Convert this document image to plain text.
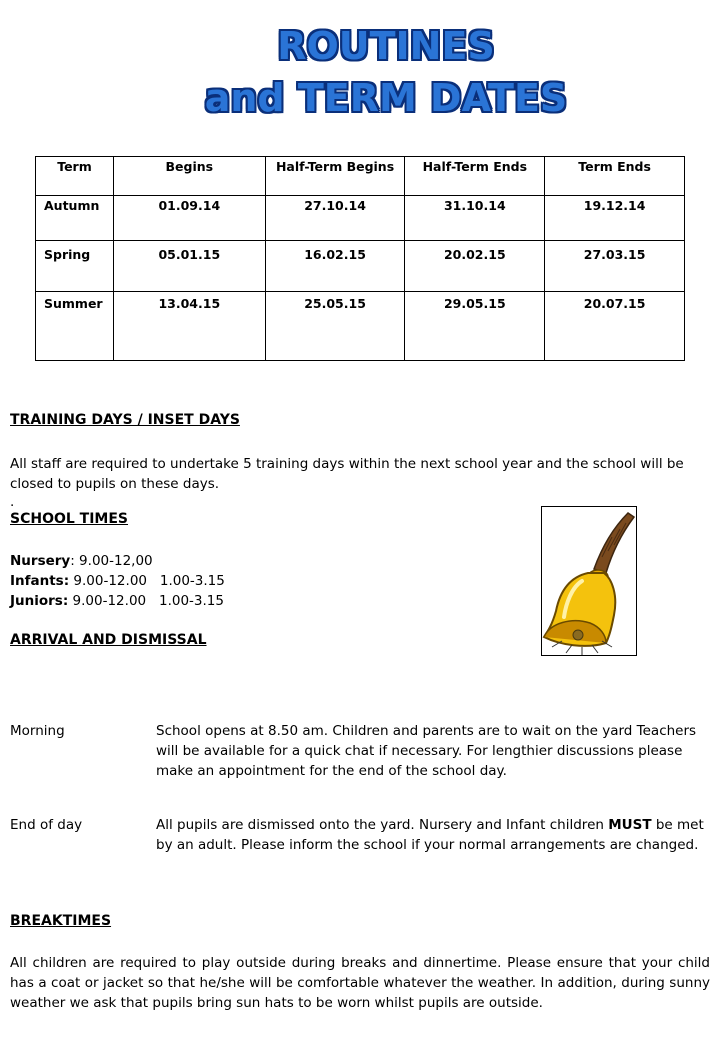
ROUTINES
and TERM DATES
Term	Begins	Half-Term Begins	Half-Term Ends	Term Ends
Autumn	01.09.14	27.10.14	31.10.14	19.12.14
Spring	05.01.15	16.02.15	20.02.15	27.03.15
Summer	13.04.15	25.05.15	29.05.15	20.07.15
TRAINING DAYS / INSET DAYS
All staff are required to undertake 5 training days within the next school year and the school will be closed to pupils on these days.
.
SCHOOL TIMES
Nursery: 9.00-12,00
Infants: 9.00-12.00   1.00-3.15
Juniors: 9.00-12.00   1.00-3.15
ARRIVAL AND DISMISSAL
Morning	School opens at 8.50 am. Children and parents are to wait on the yard Teachers will be available for a quick chat if necessary. For lengthier discussions please make an appointment for the end of the school day.
End of day	All pupils are dismissed onto the yard. Nursery and Infant children MUST be met by an adult. Please inform the school if your normal arrangements are changed.
BREAKTIMES
All children are required to play outside during breaks and dinnertime. Please ensure that your child has a coat or jacket so that he/she will be comfortable whatever the weather. In addition, during sunny weather we ask that pupils bring sun hats to be worn whilst pupils are outside.
